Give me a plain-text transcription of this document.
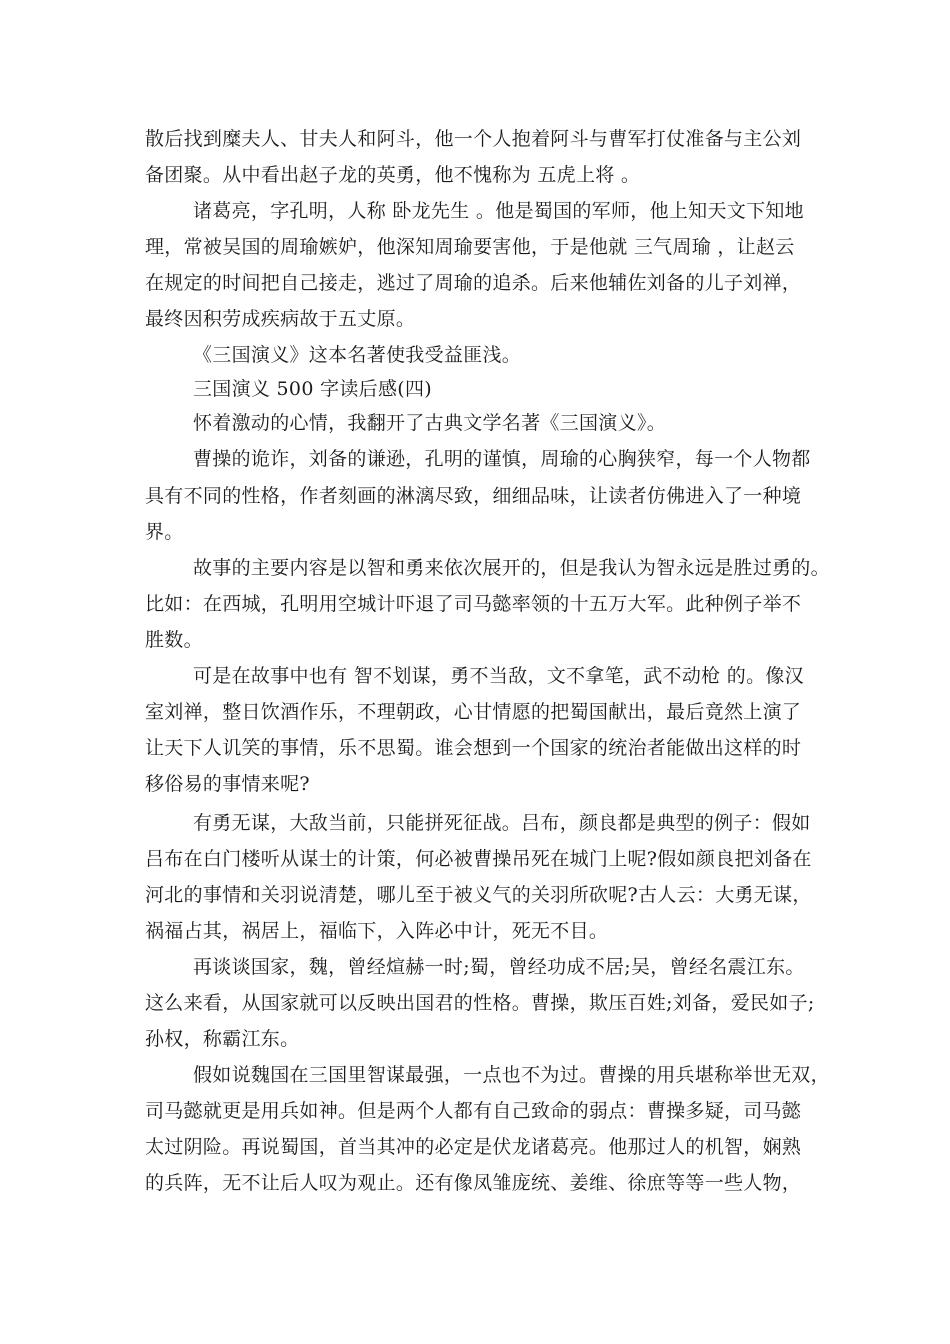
散后找到糜夫人、甘夫人和阿斗，他一个人抱着阿斗与曹军打仗准备与主公刘
备团聚。从中看出赵子龙的英勇，他不愧称为 五虎上将 。
诸葛亮，字孔明，人称 卧龙先生 。他是蜀国的军师，他上知天文下知地
理，常被吴国的周瑜嫉妒，他深知周瑜要害他，于是他就 三气周瑜 ，让赵云
在规定的时间把自己接走，逃过了周瑜的追杀。后来他辅佐刘备的儿子刘禅，
最终因积劳成疾病故于五丈原。
《三国演义》这本名著使我受益匪浅。
三国演义 500 字读后感(四)
怀着激动的心情，我翻开了古典文学名著《三国演义》。
曹操的诡诈，刘备的谦逊，孔明的谨慎，周瑜的心胸狭窄，每一个人物都
具有不同的性格，作者刻画的淋漓尽致，细细品味，让读者仿佛进入了一种境
界。
故事的主要内容是以智和勇来依次展开的，但是我认为智永远是胜过勇的。
比如：在西城，孔明用空城计吓退了司马懿率领的十五万大军。此种例子举不
胜数。
可是在故事中也有 智不划谋，勇不当敌，文不拿笔，武不动枪 的。像汉
室刘禅，整日饮酒作乐，不理朝政，心甘情愿的把蜀国献出，最后竟然上演了
让天下人讥笑的事情，乐不思蜀。谁会想到一个国家的统治者能做出这样的时
移俗易的事情来呢?
有勇无谋，大敌当前，只能拼死征战。吕布，颜良都是典型的例子：假如
吕布在白门楼听从谋士的计策，何必被曹操吊死在城门上呢?假如颜良把刘备在
河北的事情和关羽说清楚，哪儿至于被义气的关羽所砍呢?古人云：大勇无谋，
祸福占其，祸居上，福临下，入阵必中计，死无不目。
再谈谈国家，魏，曾经煊赫一时;蜀，曾经功成不居;吴，曾经名震江东。
这么来看，从国家就可以反映出国君的性格。曹操，欺压百姓;刘备，爱民如子;
孙权，称霸江东。
假如说魏国在三国里智谋最强，一点也不为过。曹操的用兵堪称举世无双，
司马懿就更是用兵如神。但是两个人都有自己致命的弱点：曹操多疑，司马懿
太过阴险。再说蜀国，首当其冲的必定是伏龙诸葛亮。他那过人的机智，娴熟
的兵阵，无不让后人叹为观止。还有像凤雏庞统、姜维、徐庶等等一些人物，
